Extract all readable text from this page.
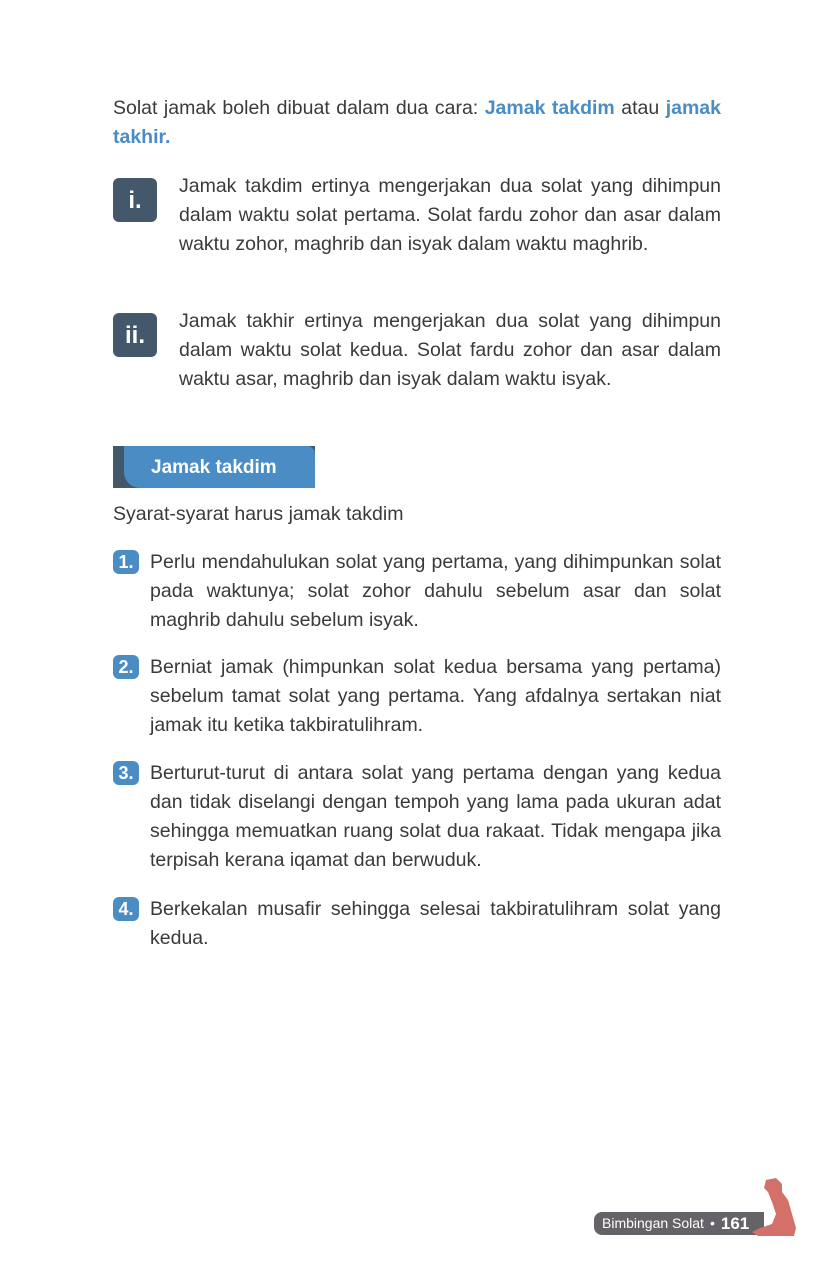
Solat jamak boleh dibuat dalam dua cara: Jamak takdim atau jamak takhir.

i.

Jamak takdim ertinya mengerjakan dua solat yang dihimpun dalam waktu solat pertama. Solat fardu zohor dan asar dalam waktu zohor, maghrib dan isyak dalam waktu maghrib.

ii.

Jamak takhir ertinya mengerjakan dua solat yang dihimpun dalam waktu solat kedua. Solat fardu zohor dan asar dalam waktu asar, maghrib dan isyak dalam waktu isyak.

Jamak takdim

Syarat-syarat harus jamak takdim

1. Perlu mendahulukan solat yang pertama, yang dihimpunkan solat pada waktunya; solat zohor dahulu sebelum asar dan solat maghrib dahulu sebelum isyak.

2. Berniat jamak (himpunkan solat kedua bersama yang pertama) sebelum tamat solat yang pertama. Yang afdalnya sertakan niat jamak itu ketika takbiratulihram.

3. Berturut-turut di antara solat yang pertama dengan yang kedua dan tidak diselangi dengan tempoh yang lama pada ukuran adat sehingga memuatkan ruang solat dua rakaat. Tidak mengapa jika terpisah kerana iqamat dan berwuduk.

4. Berkekalan musafir sehingga selesai takbiratulihram solat yang kedua.

Bimbingan Solat • 161
